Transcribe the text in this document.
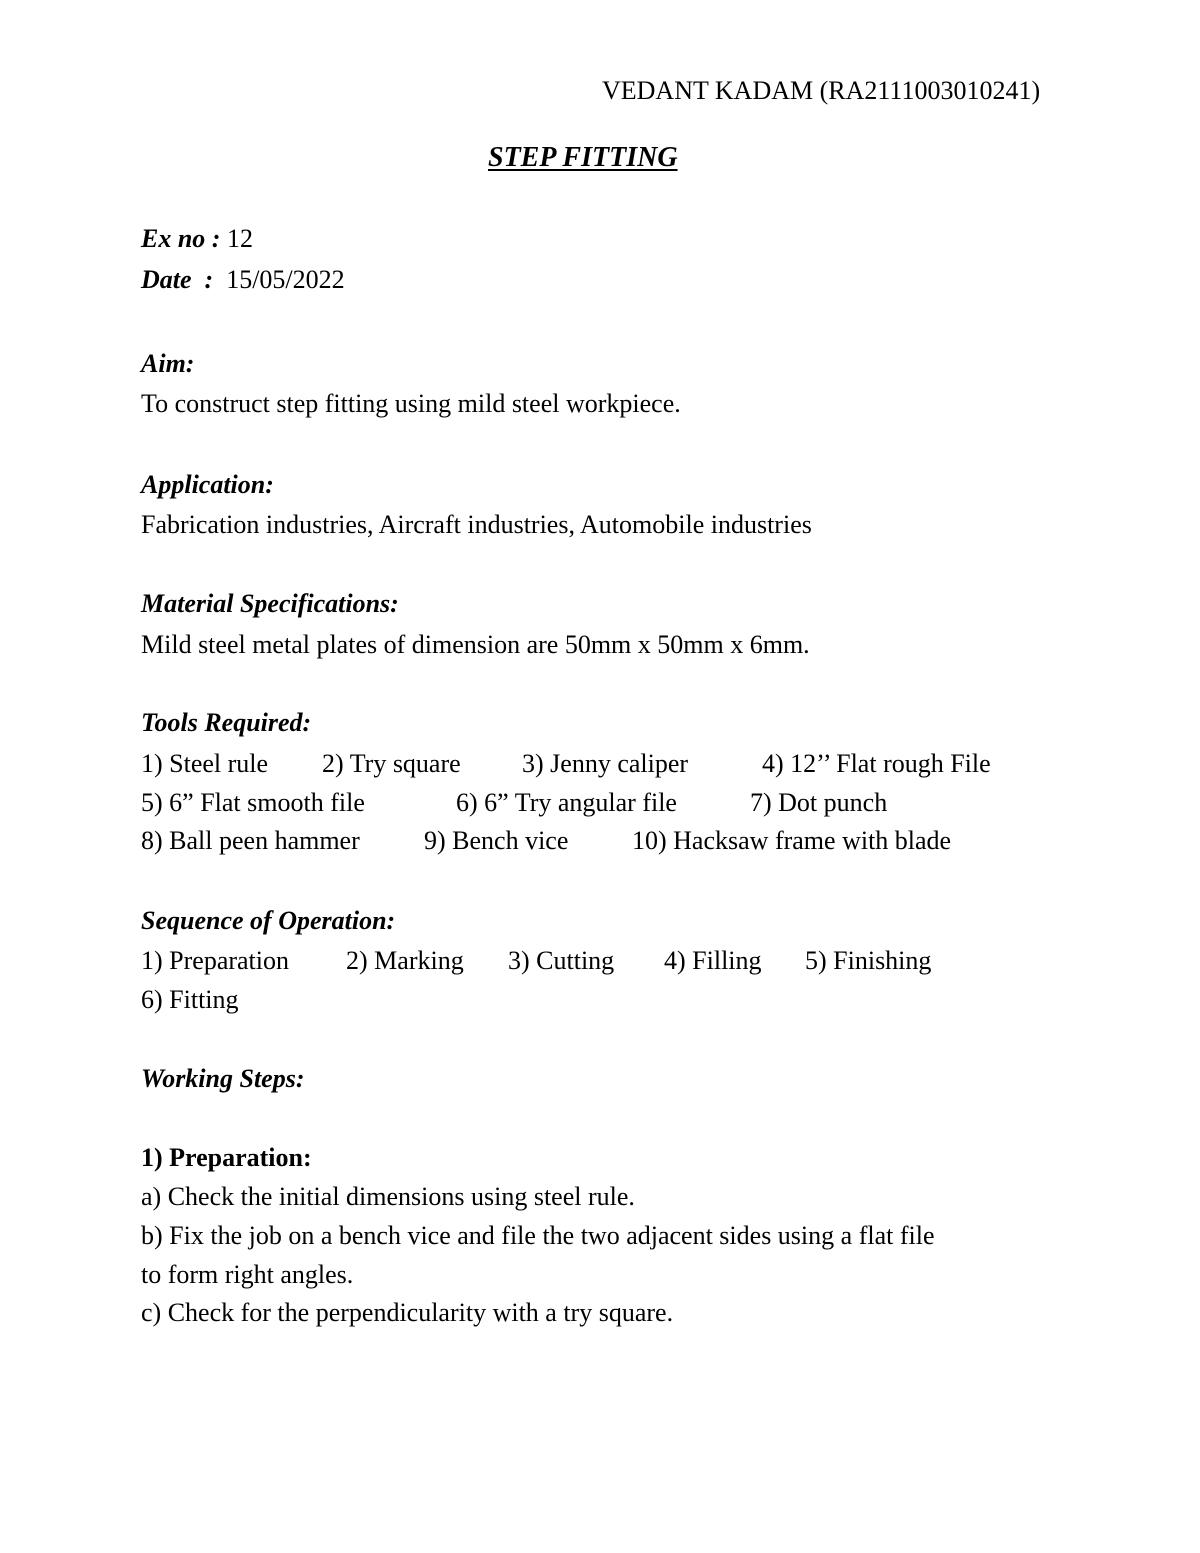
VEDANT KADAM (RA2111003010241)
STEP FITTING
Ex no : 12
Date  : 15/05/2022
Aim:
To construct step fitting using mild steel workpiece.
Application:
Fabrication industries, Aircraft industries, Automobile industries
Material Specifications:
Mild steel metal plates of dimension are 50mm x 50mm x 6mm.
Tools Required:
1) Steel rule 2) Try square 3) Jenny caliper	4) 12’’ Flat rough File
5) 6” Flat smooth file	6) 6” Try angular file	7) Dot punch
8) Ball peen hammer 9) Bench vice 10) Hacksaw frame with blade
Sequence of Operation:
1) Preparation 2) Marking 3) Cutting 4) Filling 5) Finishing
6) Fitting
Working Steps:
1) Preparation:
a) Check the initial dimensions using steel rule.
b) Fix the job on a bench vice and file the two adjacent sides using a flat file
to form right angles.
c) Check for the perpendicularity with a try square.
